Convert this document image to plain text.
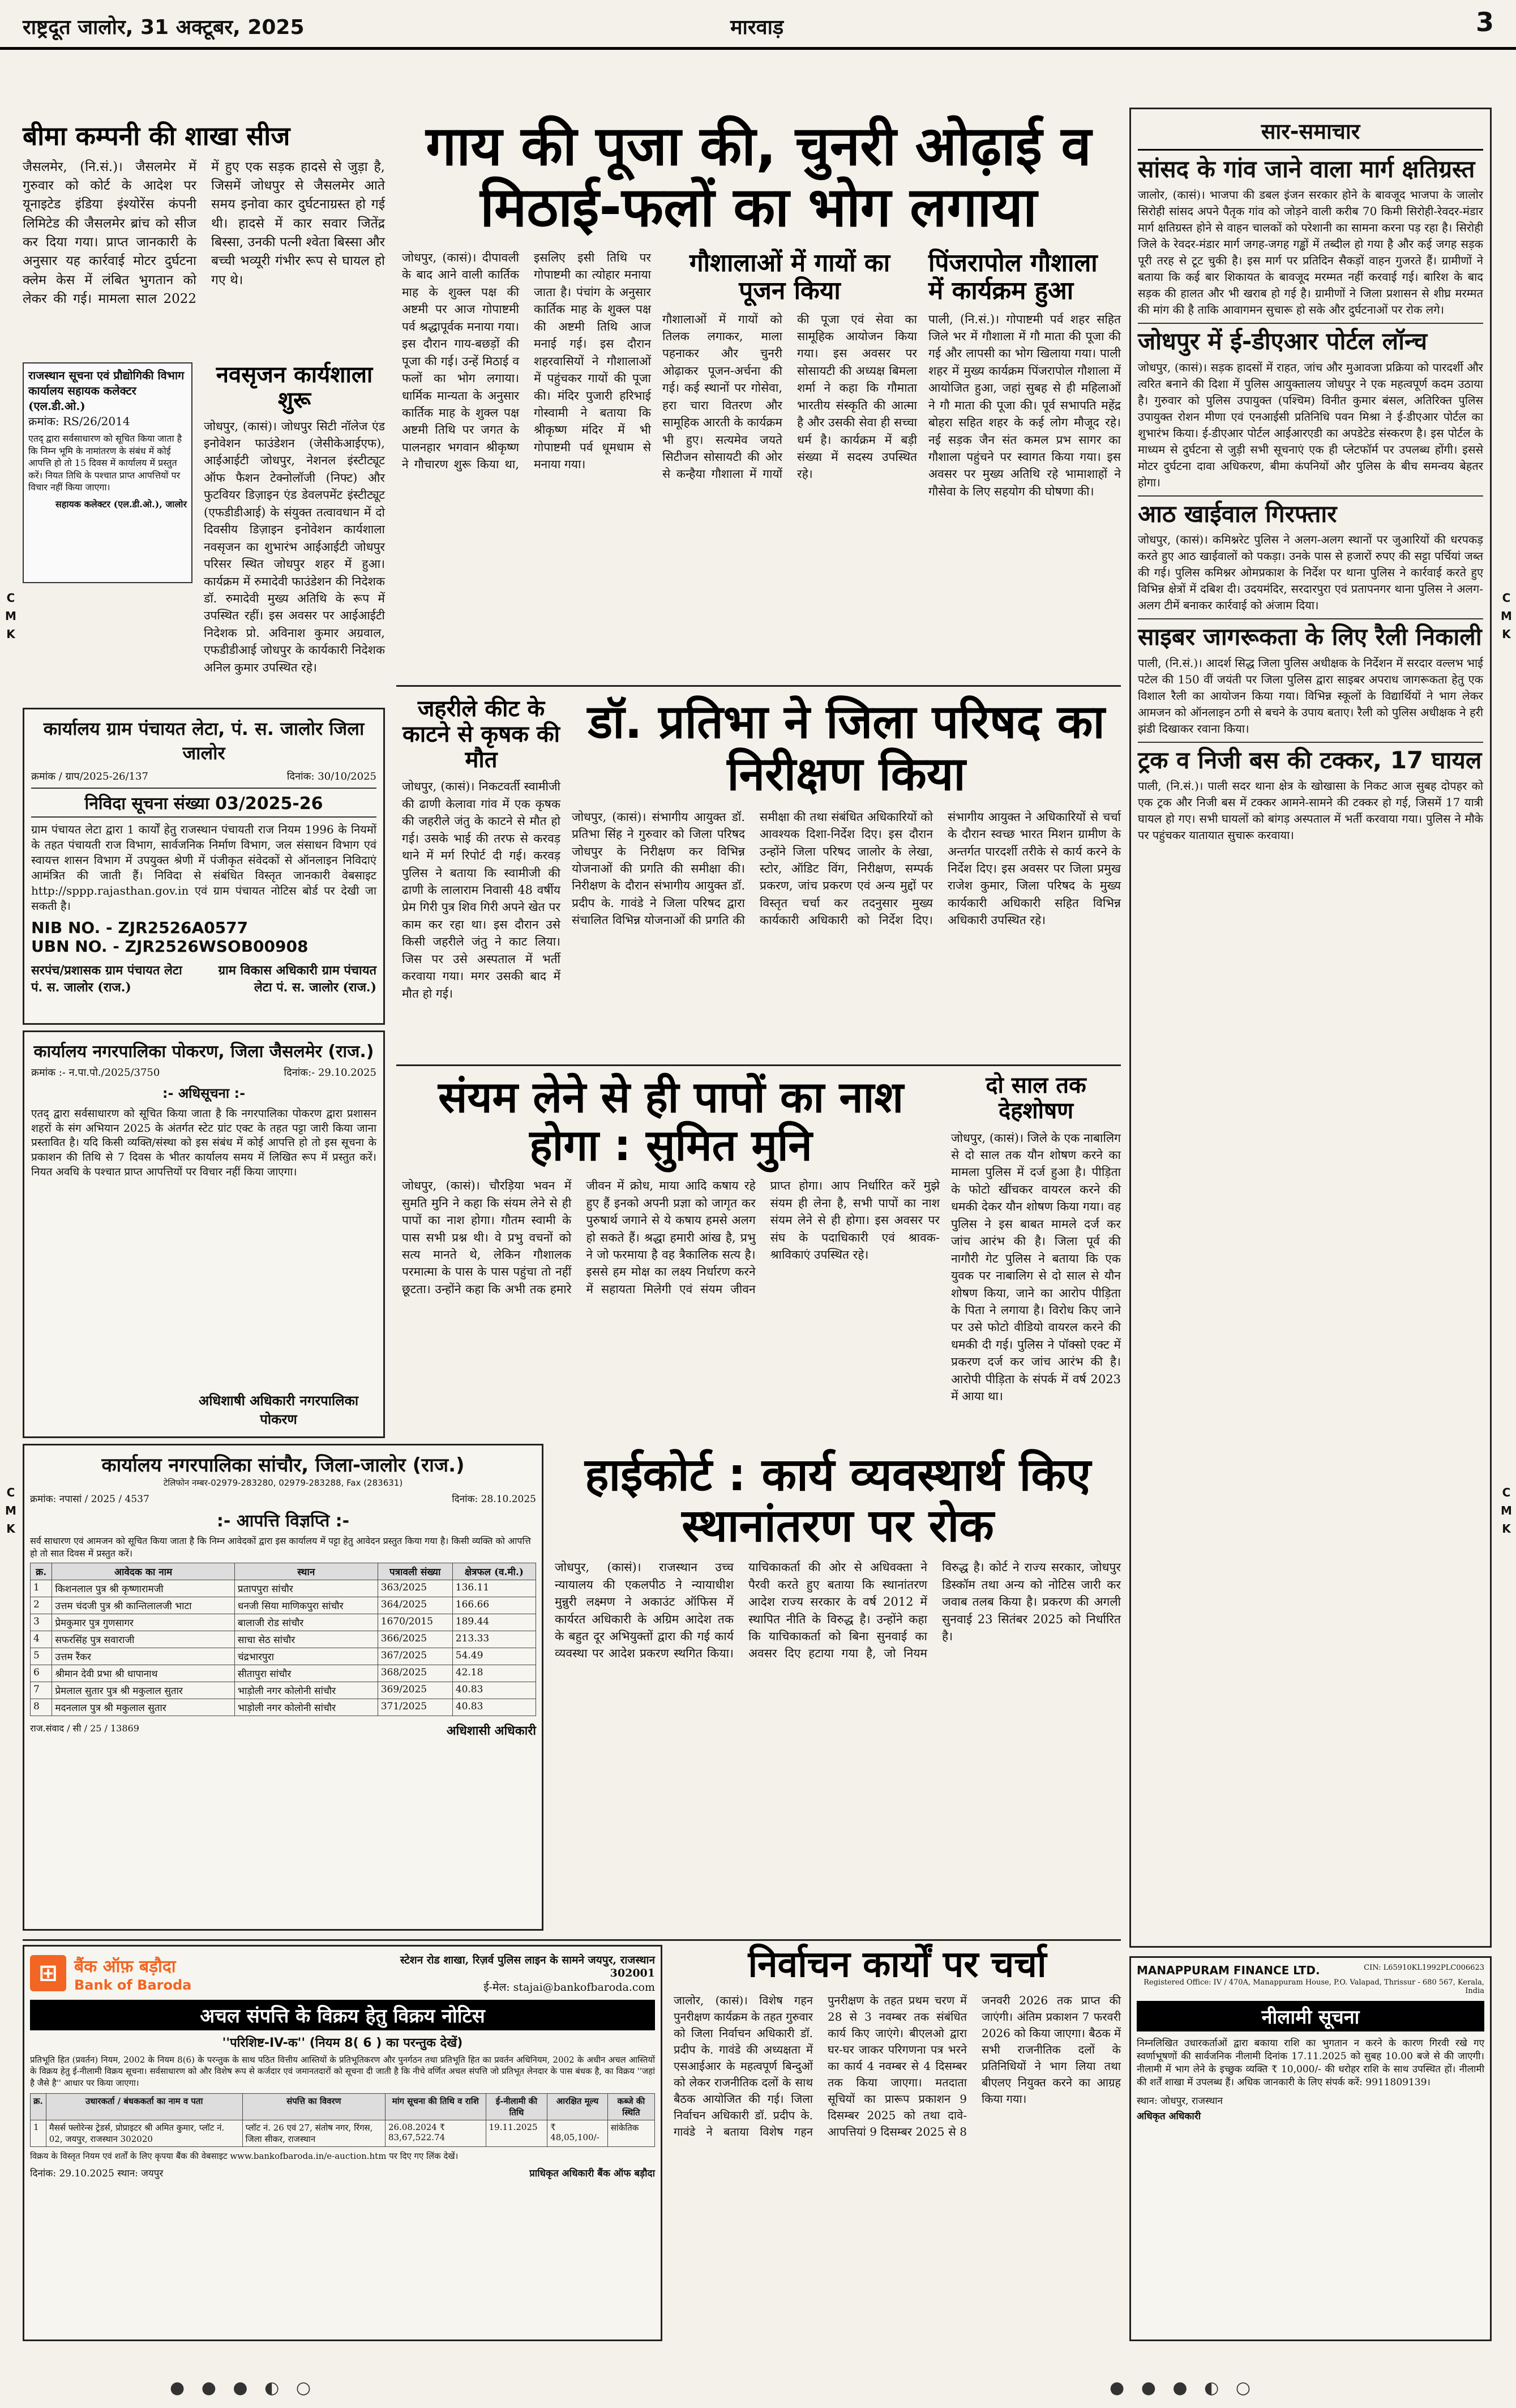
राष्ट्रदूत जालोर, 31 अक्टूबर, 2025	मारवाड़	3
बीमा कम्पनी की शाखा सीज
जैसलमेर, (नि.सं.)। जैसलमेर में गुरुवार को कोर्ट के आदेश पर यूनाइटेड इंडिया इंश्योरेंस कंपनी लिमिटेड की जैसलमेर ब्रांच को सीज कर दिया गया। प्राप्त जानकारी के अनुसार यह कार्रवाई मोटर दुर्घटना क्लेम केस में लंबित भुगतान को लेकर की गई। मामला साल 2022 में हुए एक सड़क हादसे से जुड़ा है, जिसमें जोधपुर से जैसलमेर आते समय इनोवा कार दुर्घटनाग्रस्त हो गई थी। हादसे में कार सवार जितेंद्र बिस्सा, उनकी पत्नी श्वेता बिस्सा और बच्ची भव्यूरी गंभीर रूप से घायल हो गए थे।
राजस्थान सूचना एवं प्रौद्योगिकी विभाग
कार्यालय सहायक कलेक्टर (एल.डी.ओ.)
क्रमांक: RS/26/2014
एतद् द्वारा सर्वसाधारण को सूचित किया जाता है कि निम्न भूमि के नामांतरण के संबंध में कोई आपत्ति हो तो 15 दिवस में कार्यालय में प्रस्तुत करें। नियत तिथि के पश्चात प्राप्त आपत्तियों पर विचार नहीं किया जाएगा।
सहायक कलेक्टर (एल.डी.ओ.), जालोर
नवसृजन कार्यशाला शुरू
जोधपुर, (कासं)। जोधपुर सिटी नॉलेज एंड इनोवेशन फाउंडेशन (जेसीकेआईएफ), आईआईटी जोधपुर, नेशनल इंस्टीट्यूट ऑफ फैशन टेक्नोलॉजी (निफ्ट) और फुटवियर डिज़ाइन एंड डेवलपमेंट इंस्टीट्यूट (एफडीडीआई) के संयुक्त तत्वावधान में दो दिवसीय डिज़ाइन इनोवेशन कार्यशाला नवसृजन का शुभारंभ आईआईटी जोधपुर परिसर स्थित जोधपुर शहर में हुआ। कार्यक्रम में रुमादेवी फाउंडेशन की निदेशक डॉ. रुमादेवी मुख्य अतिथि के रूप में उपस्थित रहीं। इस अवसर पर आईआईटी निदेशक प्रो. अविनाश कुमार अग्रवाल, एफडीडीआई जोधपुर के कार्यकारी निदेशक अनिल कुमार उपस्थित रहे।
कार्यालय ग्राम पंचायत लेटा, पं. स. जालोर जिला जालोर
क्रमांक / ग्राप/2025-26/137	दिनांक: 30/10/2025
निविदा सूचना संख्या 03/2025-26
ग्राम पंचायत लेटा द्वारा 1 कार्यों हेतु राजस्थान पंचायती राज नियम 1996 के नियमों के तहत पंचायती राज विभाग, सार्वजनिक निर्माण विभाग, जल संसाधन विभाग एवं स्वायत्त शासन विभाग में उपयुक्त श्रेणी में पंजीकृत संवेदकों से ऑनलाइन निविदाएं आमंत्रित की जाती हैं। निविदा से संबंधित विस्तृत जानकारी वेबसाइट http://sppp.rajasthan.gov.in एवं ग्राम पंचायत नोटिस बोर्ड पर देखी जा सकती है।
NIB NO. - ZJR2526A0577
UBN NO. - ZJR2526WSOB00908
सरपंच/प्रशासक ग्राम पंचायत लेटा पं. स. जालोर (राज.)
ग्राम विकास अधिकारी ग्राम पंचायत लेटा पं. स. जालोर (राज.)
कार्यालय नगरपालिका पोकरण, जिला जैसलमेर (राज.)
क्रमांक :- न.पा.पो./2025/3750	दिनांक:- 29.10.2025
:- अधिसूचना :-
एतद् द्वारा सर्वसाधारण को सूचित किया जाता है कि नगरपालिका पोकरण द्वारा प्रशासन शहरों के संग अभियान 2025 के अंतर्गत स्टेट ग्रांट एक्ट के तहत पट्टा जारी किया जाना प्रस्तावित है। यदि किसी व्यक्ति/संस्था को इस संबंध में कोई आपत्ति हो तो इस सूचना के प्रकाशन की तिथि से 7 दिवस के भीतर कार्यालय समय में लिखित रूप में प्रस्तुत करें। नियत अवधि के पश्चात प्राप्त आपत्तियों पर विचार नहीं किया जाएगा।
अधिशाषी अधिकारी नगरपालिका पोकरण
गाय की पूजा की, चुनरी ओढ़ाई व मिठाई-फलों का भोग लगाया
जोधपुर, (कासं)। दीपावली के बाद आने वाली कार्तिक माह के शुक्ल पक्ष की अष्टमी पर आज गोपाष्टमी पर्व श्रद्धापूर्वक मनाया गया। इस दौरान गाय-बछड़ों की पूजा की गई। उन्हें मिठाई व फलों का भोग लगाया। धार्मिक मान्यता के अनुसार कार्तिक माह के शुक्ल पक्ष अष्टमी तिथि पर जगत के पालनहार भगवान श्रीकृष्ण ने गौचारण शुरू किया था, इसलिए इसी तिथि पर गोपाष्टमी का त्योहार मनाया जाता है। पंचांग के अनुसार कार्तिक माह के शुक्ल पक्ष की अष्टमी तिथि आज मनाई गई। इस दौरान शहरवासियों ने गौशालाओं में पहुंचकर गायों की पूजा की। मंदिर पुजारी हरिभाई गोस्वामी ने बताया कि श्रीकृष्ण मंदिर में भी गोपाष्टमी पर्व धूमधाम से मनाया गया।
गौशालाओं में गायों का पूजन किया
गौशालाओं में गायों को तिलक लगाकर, माला पहनाकर और चुनरी ओढ़ाकर पूजन-अर्चना की गई। कई स्थानों पर गोसेवा, हरा चारा वितरण और सामूहिक आरती के कार्यक्रम भी हुए। सत्यमेव जयते सिटीजन सोसायटी की ओर से कन्हैया गौशाला में गायों की पूजा एवं सेवा का सामूहिक आयोजन किया गया। इस अवसर पर सोसायटी की अध्यक्ष बिमला शर्मा ने कहा कि गौमाता भारतीय संस्कृति की आत्मा है और उसकी सेवा ही सच्चा धर्म है। कार्यक्रम में बड़ी संख्या में सदस्य उपस्थित रहे।
पिंजरापोल गौशाला में कार्यक्रम हुआ
पाली, (नि.सं.)। गोपाष्टमी पर्व शहर सहित जिले भर में गौशाला में गौ माता की पूजा की गई और लापसी का भोग खिलाया गया। पाली शहर में मुख्य कार्यक्रम पिंजरापोल गौशाला में आयोजित हुआ, जहां सुबह से ही महिलाओं ने गौ माता की पूजा की। पूर्व सभापति महेंद्र बोहरा सहित शहर के कई लोग मौजूद रहे। नई सड़क जैन संत कमल प्रभ सागर का गौशाला पहुंचने पर स्वागत किया गया। इस अवसर पर मुख्य अतिथि रहे भामाशाहों ने गौसेवा के लिए सहयोग की घोषणा की।
जहरीले कीट के काटने से कृषक की मौत
जोधपुर, (कासं)। निकटवर्ती स्वामीजी की ढाणी केलावा गांव में एक कृषक की जहरीले जंतु के काटने से मौत हो गई। उसके भाई की तरफ से करवड़ थाने में मर्ग रिपोर्ट दी गई। करवड़ पुलिस ने बताया कि स्वामीजी की ढाणी के लालाराम निवासी 48 वर्षीय प्रेम गिरी पुत्र शिव गिरी अपने खेत पर काम कर रहा था। इस दौरान उसे किसी जहरीले जंतु ने काट लिया। जिस पर उसे अस्पताल में भर्ती करवाया गया। मगर उसकी बाद में मौत हो गई।
डॉ. प्रतिभा ने जिला परिषद का निरीक्षण किया
जोधपुर, (कासं)। संभागीय आयुक्त डॉ. प्रतिभा सिंह ने गुरुवार को जिला परिषद जोधपुर के निरीक्षण कर विभिन्न योजनाओं की प्रगति की समीक्षा की। निरीक्षण के दौरान संभागीय आयुक्त डॉ. प्रदीप के. गावंडे ने जिला परिषद द्वारा संचालित विभिन्न योजनाओं की प्रगति की समीक्षा की तथा संबंधित अधिकारियों को आवश्यक दिशा-निर्देश दिए। इस दौरान उन्होंने जिला परिषद जालोर के लेखा, स्टोर, ऑडिट विंग, निरीक्षण, सम्पर्क प्रकरण, जांच प्रकरण एवं अन्य मुद्दों पर विस्तृत चर्चा कर तदनुसार मुख्य कार्यकारी अधिकारी को निर्देश दिए। संभागीय आयुक्त ने अधिकारियों से चर्चा के दौरान स्वच्छ भारत मिशन ग्रामीण के अन्तर्गत पारदर्शी तरीके से कार्य करने के निर्देश दिए। इस अवसर पर जिला प्रमुख राजेश कुमार, जिला परिषद के मुख्य कार्यकारी अधिकारी सहित विभिन्न अधिकारी उपस्थित रहे।
संयम लेने से ही पापों का नाश होगा : सुमित मुनि
जोधपुर, (कासं)। चौरड़िया भवन में सुमति मुनि ने कहा कि संयम लेने से ही पापों का नाश होगा। गौतम स्वामी के पास सभी प्रश्न थी। वे प्रभु वचनों को सत्य मानते थे, लेकिन गौशालक परमात्मा के पास के पास पहुंचा तो नहीं छूटता। उन्होंने कहा कि अभी तक हमारे जीवन में क्रोध, माया आदि कषाय रहे हुए हैं इनको अपनी प्रज्ञा को जागृत कर पुरुषार्थ जगाने से ये कषाय हमसे अलग हो सकते हैं। श्रद्धा हमारी आंख है, प्रभु ने जो फरमाया है वह त्रैकालिक सत्य है। इससे हम मोक्ष का लक्ष्य निर्धारण करने में सहायता मिलेगी एवं संयम जीवन प्राप्त होगा। आप निर्धारित करें मुझे संयम ही लेना है, सभी पापों का नाश संयम लेने से ही होगा। इस अवसर पर संघ के पदाधिकारी एवं श्रावक-श्राविकाएं उपस्थित रहे।
दो साल तक देहशोषण
जोधपुर, (कासं)। जिले के एक नाबालिग से दो साल तक यौन शोषण करने का मामला पुलिस में दर्ज हुआ है। पीड़िता के फोटो खींचकर वायरल करने की धमकी देकर यौन शोषण किया गया। वह पुलिस ने इस बाबत मामले दर्ज कर जांच आरंभ की है। जिला पूर्व की नागौरी गेट पुलिस ने बताया कि एक युवक पर नाबालिग से दो साल से यौन शोषण किया, जाने का आरोप पीड़िता के पिता ने लगाया है। विरोध किए जाने पर उसे फोटो वीडियो वायरल करने की धमकी दी गई। पुलिस ने पॉक्सो एक्ट में प्रकरण दर्ज कर जांच आरंभ की है। आरोपी पीड़िता के संपर्क में वर्ष 2023 में आया था।
कार्यालय नगरपालिका सांचौर, जिला-जालोर (राज.)
टेलिफोन नम्बर-02979-283280, 02979-283288, Fax (283631)
क्रमांक: नपासां / 2025 / 4537	दिनांक: 28.10.2025
:- आपत्ति विज्ञप्ति :-
सर्व साधारण एवं आमजन को सूचित किया जाता है कि निम्न आवेदकों द्वारा इस कार्यालय में पट्टा हेतु आवेदन प्रस्तुत किया गया है। किसी व्यक्ति को आपत्ति हो तो सात दिवस में प्रस्तुत करें।
क्र.	आवेदक का नाम	स्थान	पत्रावली संख्या	क्षेत्रफल (व.मी.)
1	किशनलाल पुत्र श्री कृष्णारामजी	प्रतापपुरा सांचौर	363/2025	136.11
2	उत्तम चंदजी पुत्र श्री कान्तिलालजी भाटा	धनजी सिया माणिकपुरा सांचौर	364/2025	166.66
3	प्रेमकुमार पुत्र गुणसागर	बालाजी रोड सांचौर	1670/2015	189.44
4	सफरसिंह पुत्र सवाराजी	साचा सेठ सांचौर	366/2025	213.33
5	उत्तम रैंकर	चंद्रभारपुरा	367/2025	54.49
6	श्रीमान देवी प्रभा श्री धापानाथ	सीतापुरा सांचौर	368/2025	42.18
7	प्रेमलाल सुतार पुत्र श्री मकुलाल सुतार	भाड़ोली नगर कोलोनी सांचौर	369/2025	40.83
8	मदनलाल पुत्र श्री मकुलाल सुतार	भाड़ोली नगर कोलोनी सांचौर	371/2025	40.83
राज.संवाद / सी / 25 / 13869	अधिशासी अधिकारी
हाईकोर्ट : कार्य व्यवस्थार्थ किए स्थानांतरण पर रोक
जोधपुर, (कासं)। राजस्थान उच्च न्यायालय की एकलपीठ ने न्यायाधीश मुन्नुरी लक्ष्मण ने अकाउंट ऑफिस में कार्यरत अधिकारी के अग्रिम आदेश तक के बहुत दूर अभियुक्तों द्वारा की गई कार्य व्यवस्था पर आदेश प्रकरण स्थगित किया। याचिकाकर्ता की ओर से अधिवक्ता ने पैरवी करते हुए बताया कि स्थानांतरण आदेश राज्य सरकार के वर्ष 2012 में स्थापित नीति के विरुद्ध है। उन्होंने कहा कि याचिकाकर्ता को बिना सुनवाई का अवसर दिए हटाया गया है, जो नियम विरुद्ध है। कोर्ट ने राज्य सरकार, जोधपुर डिस्कॉम तथा अन्य को नोटिस जारी कर जवाब तलब किया है। प्रकरण की अगली सुनवाई 23 सितंबर 2025 को निर्धारित है।
⊞ बैंक ऑफ़ बड़ौदा
Bank of Baroda
स्टेशन रोड शाखा, रिज़र्व पुलिस लाइन के सामने जयपुर, राजस्थान 302001
ई-मेल: stajai@bankofbaroda.com
अचल संपत्ति के विक्रय हेतु विक्रय नोटिस
''परिशिष्ट-IV-क'' (नियम 8( 6 ) का परन्तुक देखें)
प्रतिभूति हित (प्रवर्तन) नियम, 2002 के नियम 8(6) के परन्तुक के साथ पठित वित्तीय आस्तियों के प्रतिभूतिकरण और पुनर्गठन तथा प्रतिभूति हित का प्रवर्तन अधिनियम, 2002 के अधीन अचल आस्तियों के विक्रय हेतु ई-नीलामी विक्रय सूचना। सर्वसाधारण को और विशेष रूप से कर्जदार एवं जमानतदारों को सूचना दी जाती है कि नीचे वर्णित अचल संपत्ति जो प्रतिभूत लेनदार के पास बंधक है, का विक्रय ''जहां है जैसे है'' आधार पर किया जाएगा।
क्र.	उधारकर्ता / बंधककर्ता का नाम व पता	संपत्ति का विवरण	मांग सूचना की तिथि व राशि	ई-नीलामी की तिथि	आरक्षित मूल्य	कब्जे की स्थिति
1	मैसर्स फ्लोरेन्स ट्रेडर्स, प्रोप्राइटर श्री अमित कुमार, प्लॉट नं. 02, जयपुर, राजस्थान 302020	प्लॉट नं. 26 एवं 27, संतोष नगर, रिंगस, जिला सीकर, राजस्थान	26.08.2024 ₹ 83,67,522.74	19.11.2025	₹ 48,05,100/-	सांकेतिक
विक्रय के विस्तृत नियम एवं शर्तों के लिए कृपया बैंक की वेबसाइट www.bankofbaroda.in/e-auction.htm पर दिए गए लिंक देखें।
दिनांक: 29.10.2025 स्थान: जयपुर	प्राधिकृत अधिकारी बैंक ऑफ बड़ौदा
निर्वाचन कार्यों पर चर्चा
जालोर, (कासं)। विशेष गहन पुनरीक्षण कार्यक्रम के तहत गुरुवार को जिला निर्वाचन अधिकारी डॉ. प्रदीप के. गावंडे की अध्यक्षता में एसआईआर के महत्वपूर्ण बिन्दुओं को लेकर राजनीतिक दलों के साथ बैठक आयोजित की गई। जिला निर्वाचन अधिकारी डॉ. प्रदीप के. गावंडे ने बताया विशेष गहन पुनरीक्षण के तहत प्रथम चरण में 28 से 3 नवम्बर तक संबंधित कार्य किए जाएंगे। बीएलओ द्वारा घर-घर जाकर परिगणना पत्र भरने का कार्य 4 नवम्बर से 4 दिसम्बर तक किया जाएगा। मतदाता सूचियों का प्रारूप प्रकाशन 9 दिसम्बर 2025 को तथा दावे-आपत्तियां 9 दिसम्बर 2025 से 8 जनवरी 2026 तक प्राप्त की जाएंगी। अंतिम प्रकाशन 7 फरवरी 2026 को किया जाएगा। बैठक में सभी राजनीतिक दलों के प्रतिनिधियों ने भाग लिया तथा बीएलए नियुक्त करने का आग्रह किया गया।
सार-समाचार
सांसद के गांव जाने वाला मार्ग क्षतिग्रस्त
जालोर, (कासं)। भाजपा की डबल इंजन सरकार होने के बावजूद भाजपा के जालोर सिरोही सांसद अपने पैतृक गांव को जोड़ने वाली करीब 70 किमी सिरोही-रेवदर-मंडार मार्ग क्षतिग्रस्त होने से वाहन चालकों को परेशानी का सामना करना पड़ रहा है। सिरोही जिले के रेवदर-मंडार मार्ग जगह-जगह गड्ढों में तब्दील हो गया है और कई जगह सड़क पूरी तरह से टूट चुकी है। इस मार्ग पर प्रतिदिन सैकड़ों वाहन गुजरते हैं। ग्रामीणों ने बताया कि कई बार शिकायत के बावजूद मरम्मत नहीं करवाई गई। बारिश के बाद सड़क की हालत और भी खराब हो गई है। ग्रामीणों ने जिला प्रशासन से शीघ्र मरम्मत की मांग की है ताकि आवागमन सुचारू हो सके और दुर्घटनाओं पर रोक लगे।
जोधपुर में ई-डीएआर पोर्टल लॉन्च
जोधपुर, (कासं)। सड़क हादसों में राहत, जांच और मुआवजा प्रक्रिया को पारदर्शी और त्वरित बनाने की दिशा में पुलिस आयुक्तालय जोधपुर ने एक महत्वपूर्ण कदम उठाया है। गुरुवार को पुलिस उपायुक्त (पश्चिम) विनीत कुमार बंसल, अतिरिक्त पुलिस उपायुक्त रोशन मीणा एवं एनआईसी प्रतिनिधि पवन मिश्रा ने ई-डीएआर पोर्टल का शुभारंभ किया। ई-डीएआर पोर्टल आईआरएडी का अपडेटेड संस्करण है। इस पोर्टल के माध्यम से दुर्घटना से जुड़ी सभी सूचनाएं एक ही प्लेटफॉर्म पर उपलब्ध होंगी। इससे मोटर दुर्घटना दावा अधिकरण, बीमा कंपनियों और पुलिस के बीच समन्वय बेहतर होगा।
आठ खाईवाल गिरफ्तार
जोधपुर, (कासं)। कमिश्नरेट पुलिस ने अलग-अलग स्थानों पर जुआरियों की धरपकड़ करते हुए आठ खाईवालों को पकड़ा। उनके पास से हजारों रुपए की सट्टा पर्चियां जब्त की गई। पुलिस कमिश्नर ओमप्रकाश के निर्देश पर थाना पुलिस ने कार्रवाई करते हुए विभिन्न क्षेत्रों में दबिश दी। उदयमंदिर, सरदारपुरा एवं प्रतापनगर थाना पुलिस ने अलग-अलग टीमें बनाकर कार्रवाई को अंजाम दिया।
साइबर जागरूकता के लिए रैली निकाली
पाली, (नि.सं.)। आदर्श सिद्ध जिला पुलिस अधीक्षक के निर्देशन में सरदार वल्लभ भाई पटेल की 150 वीं जयंती पर जिला पुलिस द्वारा साइबर अपराध जागरूकता हेतु एक विशाल रैली का आयोजन किया गया। विभिन्न स्कूलों के विद्यार्थियों ने भाग लेकर आमजन को ऑनलाइन ठगी से बचने के उपाय बताए। रैली को पुलिस अधीक्षक ने हरी झंडी दिखाकर रवाना किया।
ट्रक व निजी बस की टक्कर, 17 घायल
पाली, (नि.सं.)। पाली सदर थाना क्षेत्र के खोखासा के निकट आज सुबह दोपहर को एक ट्रक और निजी बस में टक्कर आमने-सामने की टक्कर हो गई, जिसमें 17 यात्री घायल हो गए। सभी घायलों को बांगड़ अस्पताल में भर्ती करवाया गया। पुलिस ने मौके पर पहुंचकर यातायात सुचारू करवाया।
MANAPPURAM FINANCE LTD.	CIN: L65910KL1992PLC006623
Registered Office: IV / 470A, Manappuram House, P.O. Valapad, Thrissur - 680 567, Kerala, India
नीलामी सूचना
निम्नलिखित उधारकर्ताओं द्वारा बकाया राशि का भुगतान न करने के कारण गिरवी रखे गए स्वर्णाभूषणों की सार्वजनिक नीलामी दिनांक 17.11.2025 को सुबह 10.00 बजे से की जाएगी। नीलामी में भाग लेने के इच्छुक व्यक्ति ₹ 10,000/- की धरोहर राशि के साथ उपस्थित हों। नीलामी की शर्तें शाखा में उपलब्ध हैं। अधिक जानकारी के लिए संपर्क करें: 9911809139।
स्थान: जोधपुर, राजस्थान
अधिकृत अधिकारी
C
M
K
C
M
K
C
M
K
C
M
K
● ● ● ◐ ○	● ● ● ◐ ○
